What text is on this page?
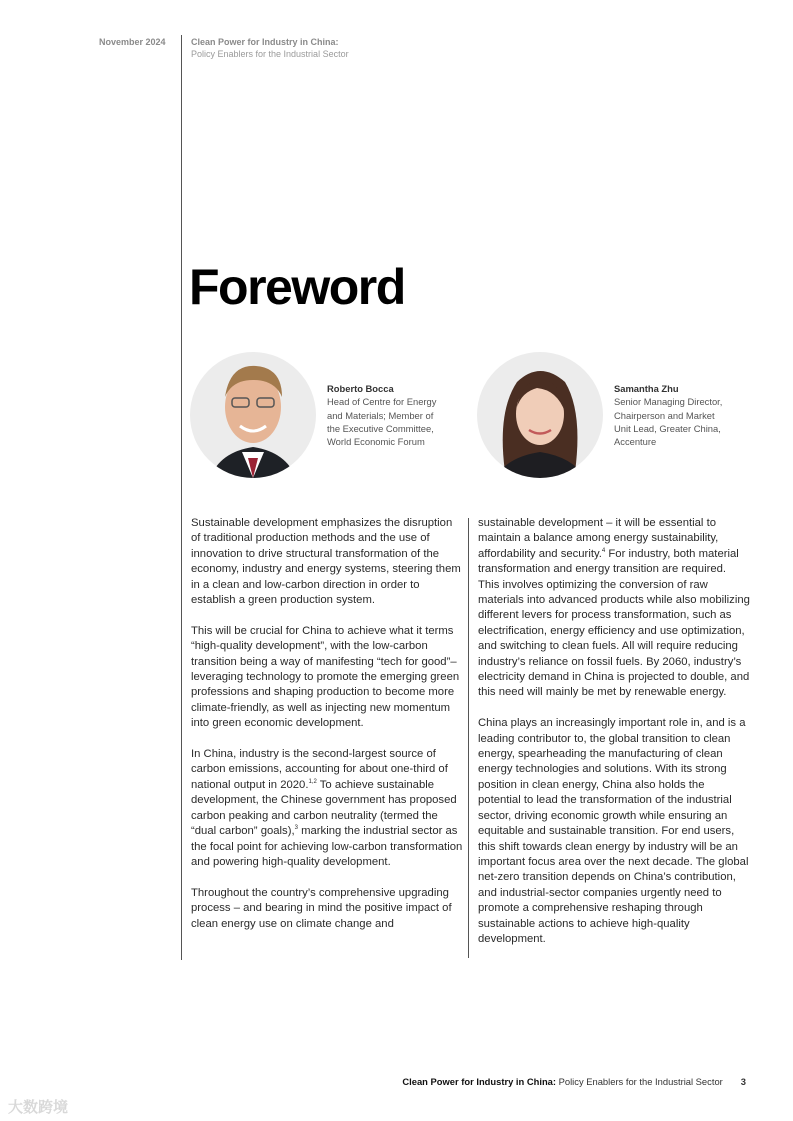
November 2024	Clean Power for Industry in China:
Policy Enablers for the Industrial Sector
Foreword
Roberto Bocca
Head of Centre for Energy
and Materials; Member of
the Executive Committee,
World Economic Forum
Samantha Zhu
Senior Managing Director,
Chairperson and Market
Unit Lead, Greater China,
Accenture

Sustainable development emphasizes the disruption of traditional production methods and the use of innovation to drive structural transformation of the economy, industry and energy systems, steering them in a clean and low-carbon direction in order to establish a green production system.

This will be crucial for China to achieve what it terms “high-quality development”, with the low-carbon transition being a way of manifesting “tech for good”– leveraging technology to promote the emerging green professions and shaping production to become more climate-friendly, as well as injecting new momentum into green economic development.

In China, industry is the second-largest source of carbon emissions, accounting for about one-third of national output in 2020.$^{1,2}$ To achieve sustainable development, the Chinese government has proposed carbon peaking and carbon neutrality (termed the “dual carbon” goals),$^3$ marking the industrial sector as the focal point for achieving low-carbon transformation and powering high-quality development.

Throughout the country’s comprehensive upgrading process – and bearing in mind the positive impact of clean energy use on climate change and

sustainable development – it will be essential to maintain a balance among energy sustainability, affordability and security.$^4$ For industry, both material transformation and energy transition are required. This involves optimizing the conversion of raw materials into advanced products while also mobilizing different levers for process transformation, such as electrification, energy efficiency and use optimization, and switching to clean fuels. All will require reducing industry’s reliance on fossil fuels. By 2060, industry’s electricity demand in China is projected to double, and this need will mainly be met by renewable energy.

China plays an increasingly important role in, and is a leading contributor to, the global transition to clean energy, spearheading the manufacturing of clean energy technologies and solutions. With its strong position in clean energy, China also holds the potential to lead the transformation of the industrial sector, driving economic growth while ensuring an equitable and sustainable transition. For end users, this shift towards clean energy by industry will be an important focus area over the next decade. The global net-zero transition depends on China’s contribution, and industrial-sector companies urgently need to promote a comprehensive reshaping through sustainable actions to achieve high-quality development.

Clean Power for Industry in China: Policy Enablers for the Industrial Sector 3
大数跨境
